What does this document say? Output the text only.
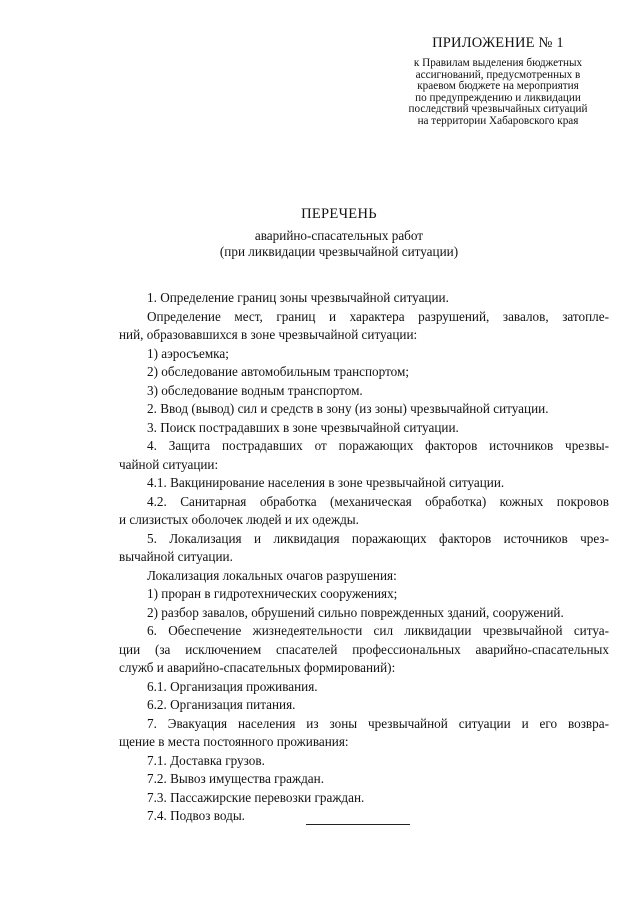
ПРИЛОЖЕНИЕ № 1
к Правилам выделения бюджетных
ассигнований, предусмотренных в
краевом бюджете на мероприятия
по предупреждению и ликвидации
последствий чрезвычайных ситуаций
на территории Хабаровского края
ПЕРЕЧЕНЬ
аварийно-спасательных работ
(при ликвидации чрезвычайной ситуации)
1. Определение границ зоны чрезвычайной ситуации.
Определение мест, границ и характера разрушений, завалов, затопле-
ний, образовавшихся в зоне чрезвычайной ситуации:
1) аэросъемка;
2) обследование автомобильным транспортом;
3) обследование водным транспортом.
2. Ввод (вывод) сил и средств в зону (из зоны) чрезвычайной ситуации.
3. Поиск пострадавших в зоне чрезвычайной ситуации.
4. Защита пострадавших от поражающих факторов источников чрезвы-
чайной ситуации:
4.1. Вакцинирование населения в зоне чрезвычайной ситуации.
4.2. Санитарная обработка (механическая обработка) кожных покровов
и слизистых оболочек людей и их одежды.
5. Локализация и ликвидация поражающих факторов источников чрез-
вычайной ситуации.
Локализация локальных очагов разрушения:
1) проран в гидротехнических сооружениях;
2) разбор завалов, обрушений сильно поврежденных зданий, сооружений.
6. Обеспечение жизнедеятельности сил ликвидации чрезвычайной ситуа-
ции (за исключением спасателей профессиональных аварийно-спасательных
служб и аварийно-спасательных формирований):
6.1. Организация проживания.
6.2. Организация питания.
7. Эвакуация населения из зоны чрезвычайной ситуации и его возвра-
щение в места постоянного проживания:
7.1. Доставка грузов.
7.2. Вывоз имущества граждан.
7.3. Пассажирские перевозки граждан.
7.4. Подвоз воды.
